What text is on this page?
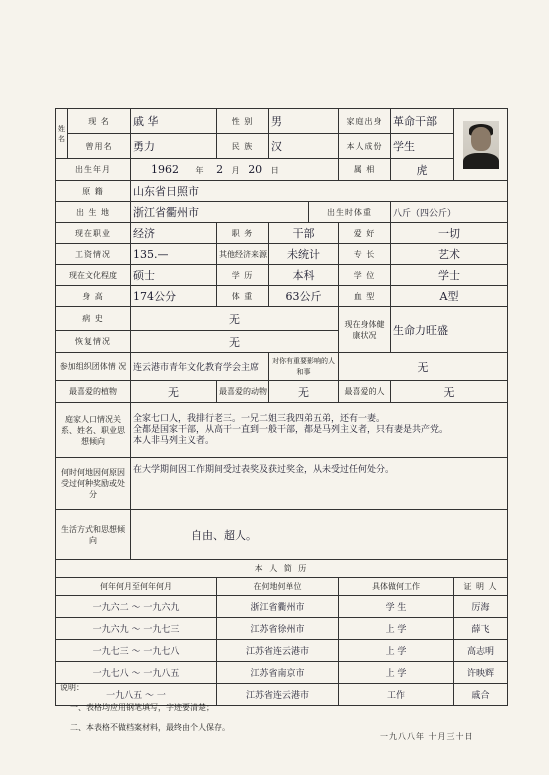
姓名	现 名	戚 华	性 别	男		家庭出身	革命干部	

	曾用名	勇力	民 族	汉		本人成份	学生	
出生年月		1962 年 2 月 20 日				属 相	虎	
原 籍		山东省日照市						
出 生 地		浙江省衢州市			出生时体重		八斤（四公斤）	
现在职业		经济	职 务	干部		爱 好	一切	
工资情况		135.—	其他经济来源	未统计		专 长	艺术	
现在文化程度		硕士	学 历	本科		学 位	学士	
身 高		174公分	体 重	63公斤		血 型	A型	
病 史		无				现在身体健康状况	生命力旺盛	
恢复情况		无						
参加组织团体情 况		连云港市青年文化教育学会主席		对你有重要影响的人和事		无		
最喜爱的植物		无	最喜爱的动物	无		最喜爱的人	无	
庭家人口情况关系、姓名、职业思想倾向		全家七口人，我排行老三。一兄二姐三我四弟五弟，还有一妻。
全都是国家干部，从高干一直到一般干部，都是马列主义者，只有妻是共产党。
本人非马列主义者。						

何时何地因何原因受过何种奖励或处分		在大学期间因工作期间受过表奖及获过奖金，从未受过任何处分。						
生活方式和思想倾向		自由、超人。						
本 人 简 历								
何年何月至何年何月			在何地何单位			具体做何工作		证 明 人
一九六二 ～ 一九六九			浙江省衢州市			学 生		厉海
一九六九 ～ 一九七三			江苏省徐州市			上 学		薛飞
一九七三 ～ 一九七八			江苏省连云港市			上 学		高志明
一九七八 ～ 一九八五			江苏省南京市			上 学		许映辉
一九八五 ～ 一			江苏省连云港市			工作		戚合
说明：
一、表格均应用钢笔填写，字迹要清楚；
二、本表格不做档案材料，最终由个人保存。
一九八八年 十月三十日
